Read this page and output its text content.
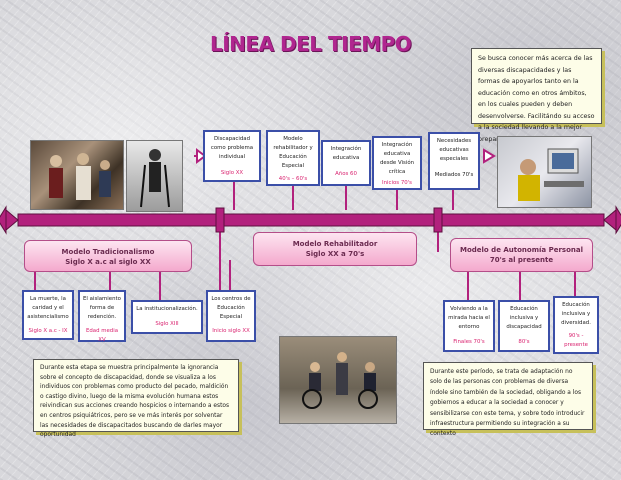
LÍNEA DEL TIEMPO

Se busca conocer más acerca de las diversas discapacidades y las formas de apoyarlos tanto en la educación como en otros ámbitos, en los cuales pueden y deben desenvolverse. Facilitándo su acceso a la sociedad llevando a la mejor

Discapacidad como problema individual
Siglo XX
Modelo rehabilitador y Educación Especial
40's – 60's
Integración educativa
Años 60
Integración educativa desde Visión crítica
Inicios 70's
Necesidades educativas especiales
Mediados 70's
Modelo Tradicionalismo
Siglo X a.c al siglo XX
Modelo Rehabilitador
Siglo XX a 70's	Modelo de Autonomía Personal
70's al presente
La muerte, la caridad y el asistencialismo
Siglo X a.c - IX
El aislamiento forma de redención.
Edad media XV
La institucionalización.
Siglo XIII
Los centros de Educación Especial
Inicio siglo XX
Volviendo a la mirada hacia el entorno
Finales 70's
Educación inclusiva y discapacidad
80's
Educación inclusiva y diversidad.
90's - presente

Durante esta etapa se muestra principalmente la ignorancia sobre el concepto de discapacidad, donde se visualiza a los individuos con problemas como producto del pecado, maldición o castigo divino, luego de la misma evolución humana estos reivindican sus acciones creando hospicios o internando a estos en centros psiquiátricos, pero se ve más interés por solventar las necesidades de discapacitados buscando de darles mayor oportunidad

Durante este período, se trata de adaptación no solo de las personas con problemas de diversa índole sino también de la sociedad, obligando a los gobiernos a educar a la sociedad a conocer y sensibilizarse con este tema, y sobre todo introducir infraestructura permitiendo su integración a su contexto
